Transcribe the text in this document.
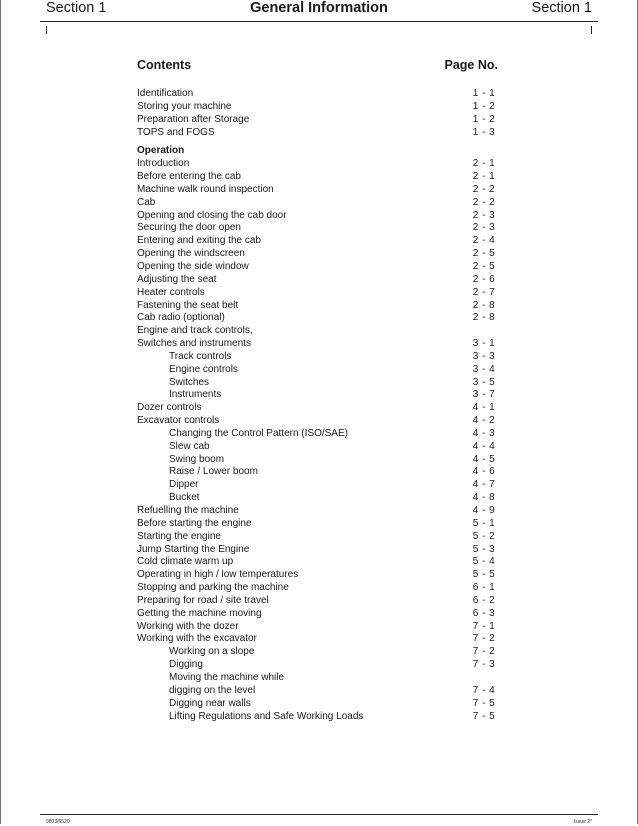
Section 1	General Information	Section 1
Contents	Page No.
Identification	1 - 1
Storing your machine	1 - 2
Preparation after Storage	1 - 2
TOPS and FOGS	1 - 3
Operation
Introduction	2 - 1
Before entering the cab	2 - 1
Machine walk round inspection	2 - 2
Cab	2 - 2
Opening and closing the cab door	2 - 3
Securing the door open	2 - 3
Entering and exiting the cab	2 - 4
Opening the windscreen	2 - 5
Opening the side window	2 - 5
Adjusting the seat	2 - 6
Heater controls	2 - 7
Fastening the seat belt	2 - 8
Cab radio (optional)	2 - 8
Engine and track controls,
Switches and instruments	3 - 1
Track controls	3 - 3
Engine controls	3 - 4
Switches	3 - 5
Instruments	3 - 7
Dozer controls	4 - 1
Excavator controls	4 - 2
Changing the Control Pattern (ISO/SAE)	4 - 3
Slew cab	4 - 4
Swing boom	4 - 5
Raise / Lower boom	4 - 6
Dipper	4 - 7
Bucket	4 - 8
Refuelling the machine	4 - 9
Before starting the engine	5 - 1
Starting the engine	5 - 2
Jump Starting the Engine	5 - 3
Cold climate warm up	5 - 4
Operating in high / low temperatures	5 - 5
Stopping and parking the machine	6 - 1
Preparing for road / site travel	6 - 2
Getting the machine moving	6 - 3
Working with the dozer	7 - 1
Working with the excavator	7 - 2
Working on a slope	7 - 2
Digging	7 - 3
Moving the machine while
digging on the level	7 - 4
Digging near walls	7 - 5
Lifting Regulations and Safe Working Loads	7 - 5
9803/6520	Issue 2*
